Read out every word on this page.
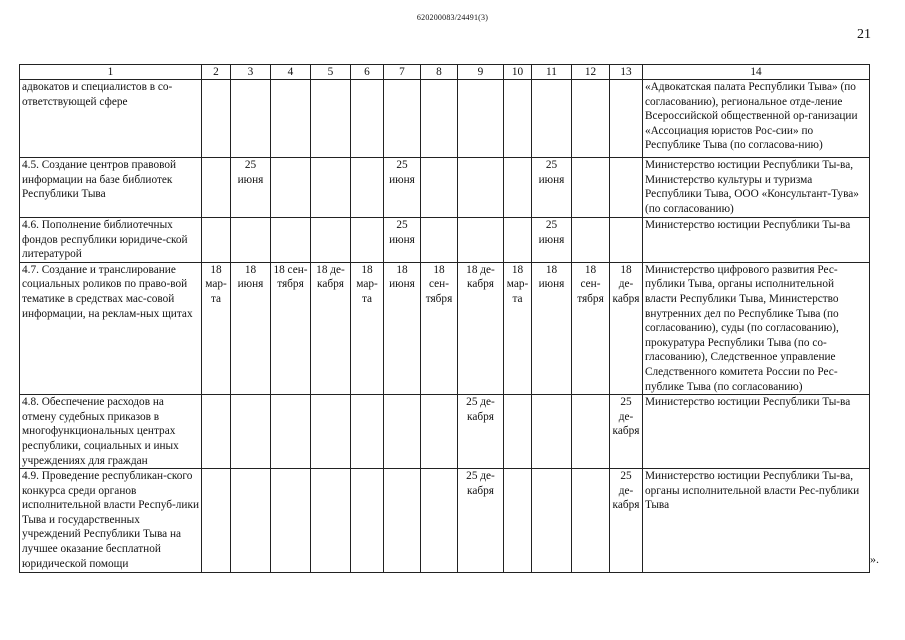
620200083/24491(3)
21
1	2	3	4	5	6	7	8	9	10	11	12	13	14
адвокатов и специалистов в со-ответствующей сфере													«Адвокатская палата Республики Тыва» (по согласованию), региональное отде-ление Всероссийской общественной ор-ганизации «Ассоциация юристов Рос-сии» по Республике Тыва (по согласова-нию)
4.5. Создание центров правовой информации на базе библиотек Республики Тыва		25 июня				25 июня				25 июня			Министерство юстиции Республики Ты-ва, Министерство культуры и туризма Республики Тыва, ООО «Консультант-Тува» (по согласованию)
4.6. Пополнение библиотечных фондов республики юридиче-ской литературой						25 июня				25 июня			Министерство юстиции Республики Ты-ва
4.7. Создание и транслирование социальных роликов по право-вой тематике в средствах мас-совой информации, на реклам-ных щитах	18 мар-та	18 июня	18 сен-тября	18 де-кабря	18 мар-та	18 июня	18 сен-тября	18 де-кабря	18 мар-та	18 июня	18 сен-тября	18 де-кабря	Министерство цифрового развития Рес-публики Тыва, органы исполнительной власти Республики Тыва, Министерство внутренних дел по Республике Тыва (по согласованию), суды (по согласованию), прокуратура Республики Тыва (по со-гласованию), Следственное управление Следственного комитета России по Рес-публике Тыва (по согласованию)
4.8. Обеспечение расходов на отмену судебных приказов в многофункциональных центрах республики, социальных и иных учреждениях для граждан								25 де-кабря				25 де-кабря	Министерство юстиции Республики Ты-ва
4.9. Проведение республикан-ского конкурса среди органов исполнительной власти Респуб-лики Тыва и государственных учреждений Республики Тыва на лучшее оказание бесплатной юридической помощи								25 де-кабря				25 де-кабря	Министерство юстиции Республики Ты-ва, органы исполнительной власти Рес-публики Тыва
».
